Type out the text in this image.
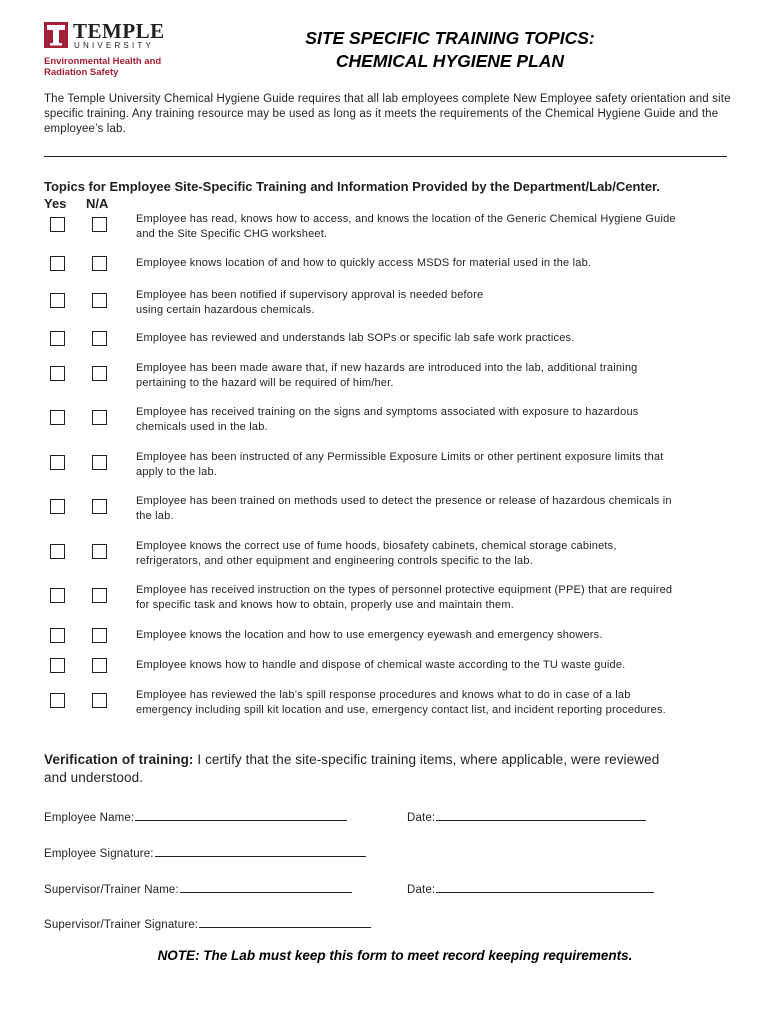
TEMPLE
UNIVERSITY
Environmental Health and
Radiation Safety
SITE SPECIFIC TRAINING TOPICS:
CHEMICAL HYGIENE PLAN
The Temple University Chemical Hygiene Guide requires that all lab employees complete New Employee safety orientation and site specific training. Any training resource may be used as long as it meets the requirements of the Chemical Hygiene Guide and the employee’s lab.
Topics for Employee Site-Specific Training and Information Provided by the Department/Lab/Center.
Yes N/A
Employee has read, knows how to access, and knows the location of the Generic Chemical Hygiene Guide
and the Site Specific CHG worksheet.
Employee knows location of and how to quickly access MSDS for material used in the lab.
Employee has been notified if supervisory approval is needed before
using certain hazardous chemicals.
Employee has reviewed and understands lab SOPs or specific lab safe work practices.
Employee has been made aware that, if new hazards are introduced into the lab, additional training
pertaining to the hazard will be required of him/her.
Employee has received training on the signs and symptoms associated with exposure to hazardous
chemicals used in the lab.
Employee has been instructed of any Permissible Exposure Limits or other pertinent exposure limits that
apply to the lab.
Employee has been trained on methods used to detect the presence or release of hazardous chemicals in
the lab.
Employee knows the correct use of fume hoods, biosafety cabinets, chemical storage cabinets,
refrigerators, and other equipment and engineering controls specific to the lab.
Employee has received instruction on the types of personnel protective equipment (PPE) that are required
for specific task and knows how to obtain, properly use and maintain them.
Employee knows the location and how to use emergency eyewash and emergency showers.
Employee knows how to handle and dispose of chemical waste according to the TU waste guide.
Employee has reviewed the lab’s spill response procedures and knows what to do in case of a lab
emergency including spill kit location and use, emergency contact list, and incident reporting procedures.
Verification of training: I certify that the site-specific training items, where applicable, were reviewed
and understood.
Employee Name:	Date:
Employee Signature:
Supervisor/Trainer Name:	Date:
Supervisor/Trainer Signature:
NOTE: The Lab must keep this form to meet record keeping requirements.
